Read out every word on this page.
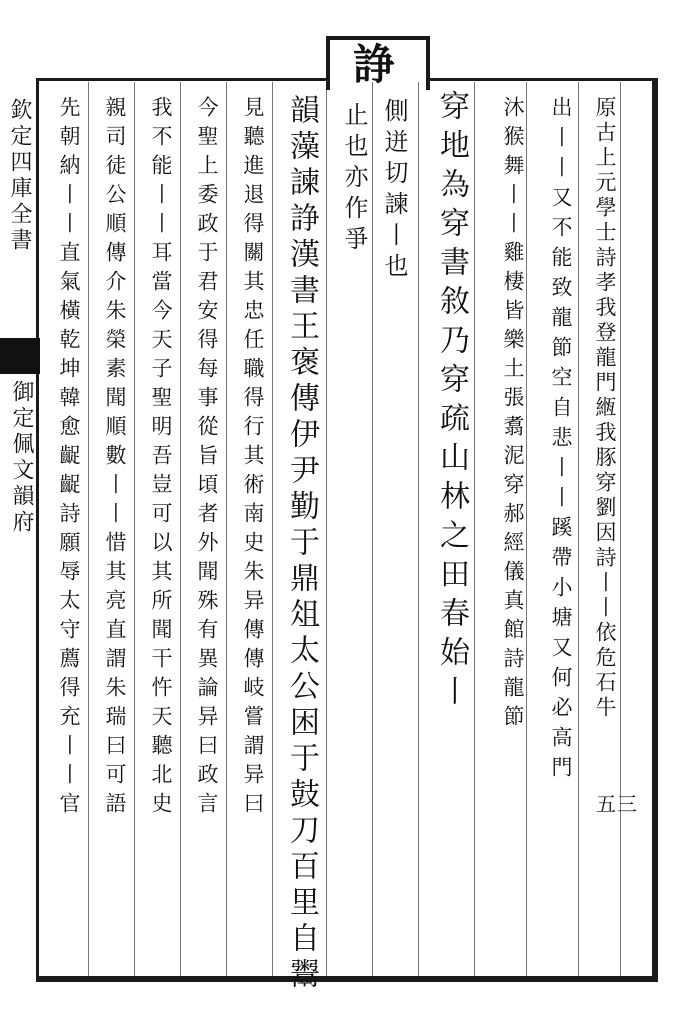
欽定四庫全書
御定佩文韻府
諍
側迸切諫丨也
止也亦作爭	原古上元學士詩孝我登龍門緪我豚穿劉因詩丨丨依危石牛
出丨丨又不能致龍節空自悲丨丨蹊帶小塘又何必高門
沐猴舞丨丨雞棲皆樂土張翥泥穿郝經儀真館詩龍節
穿地為穿書敘乃穿疏山林之田春始丨
韻藻諫諍漢書王褒傳伊尹勤于鼎俎太公困于鼓刀百里自鬻
見聽進退得關其忠任職得行其術南史朱异傳傳岐嘗謂异曰
今聖上委政于君安得每事從旨頃者外聞殊有異論异曰政言
我不能丨丨耳當今天子聖明吾豈可以其所聞干忤天聽北史
親司徒公順傳介朱榮素聞順數丨丨惜其亮直謂朱瑞曰可語
先朝納丨丨直氣橫乾坤韓愈齪齪詩願辱太守薦得充丨丨官	五三
